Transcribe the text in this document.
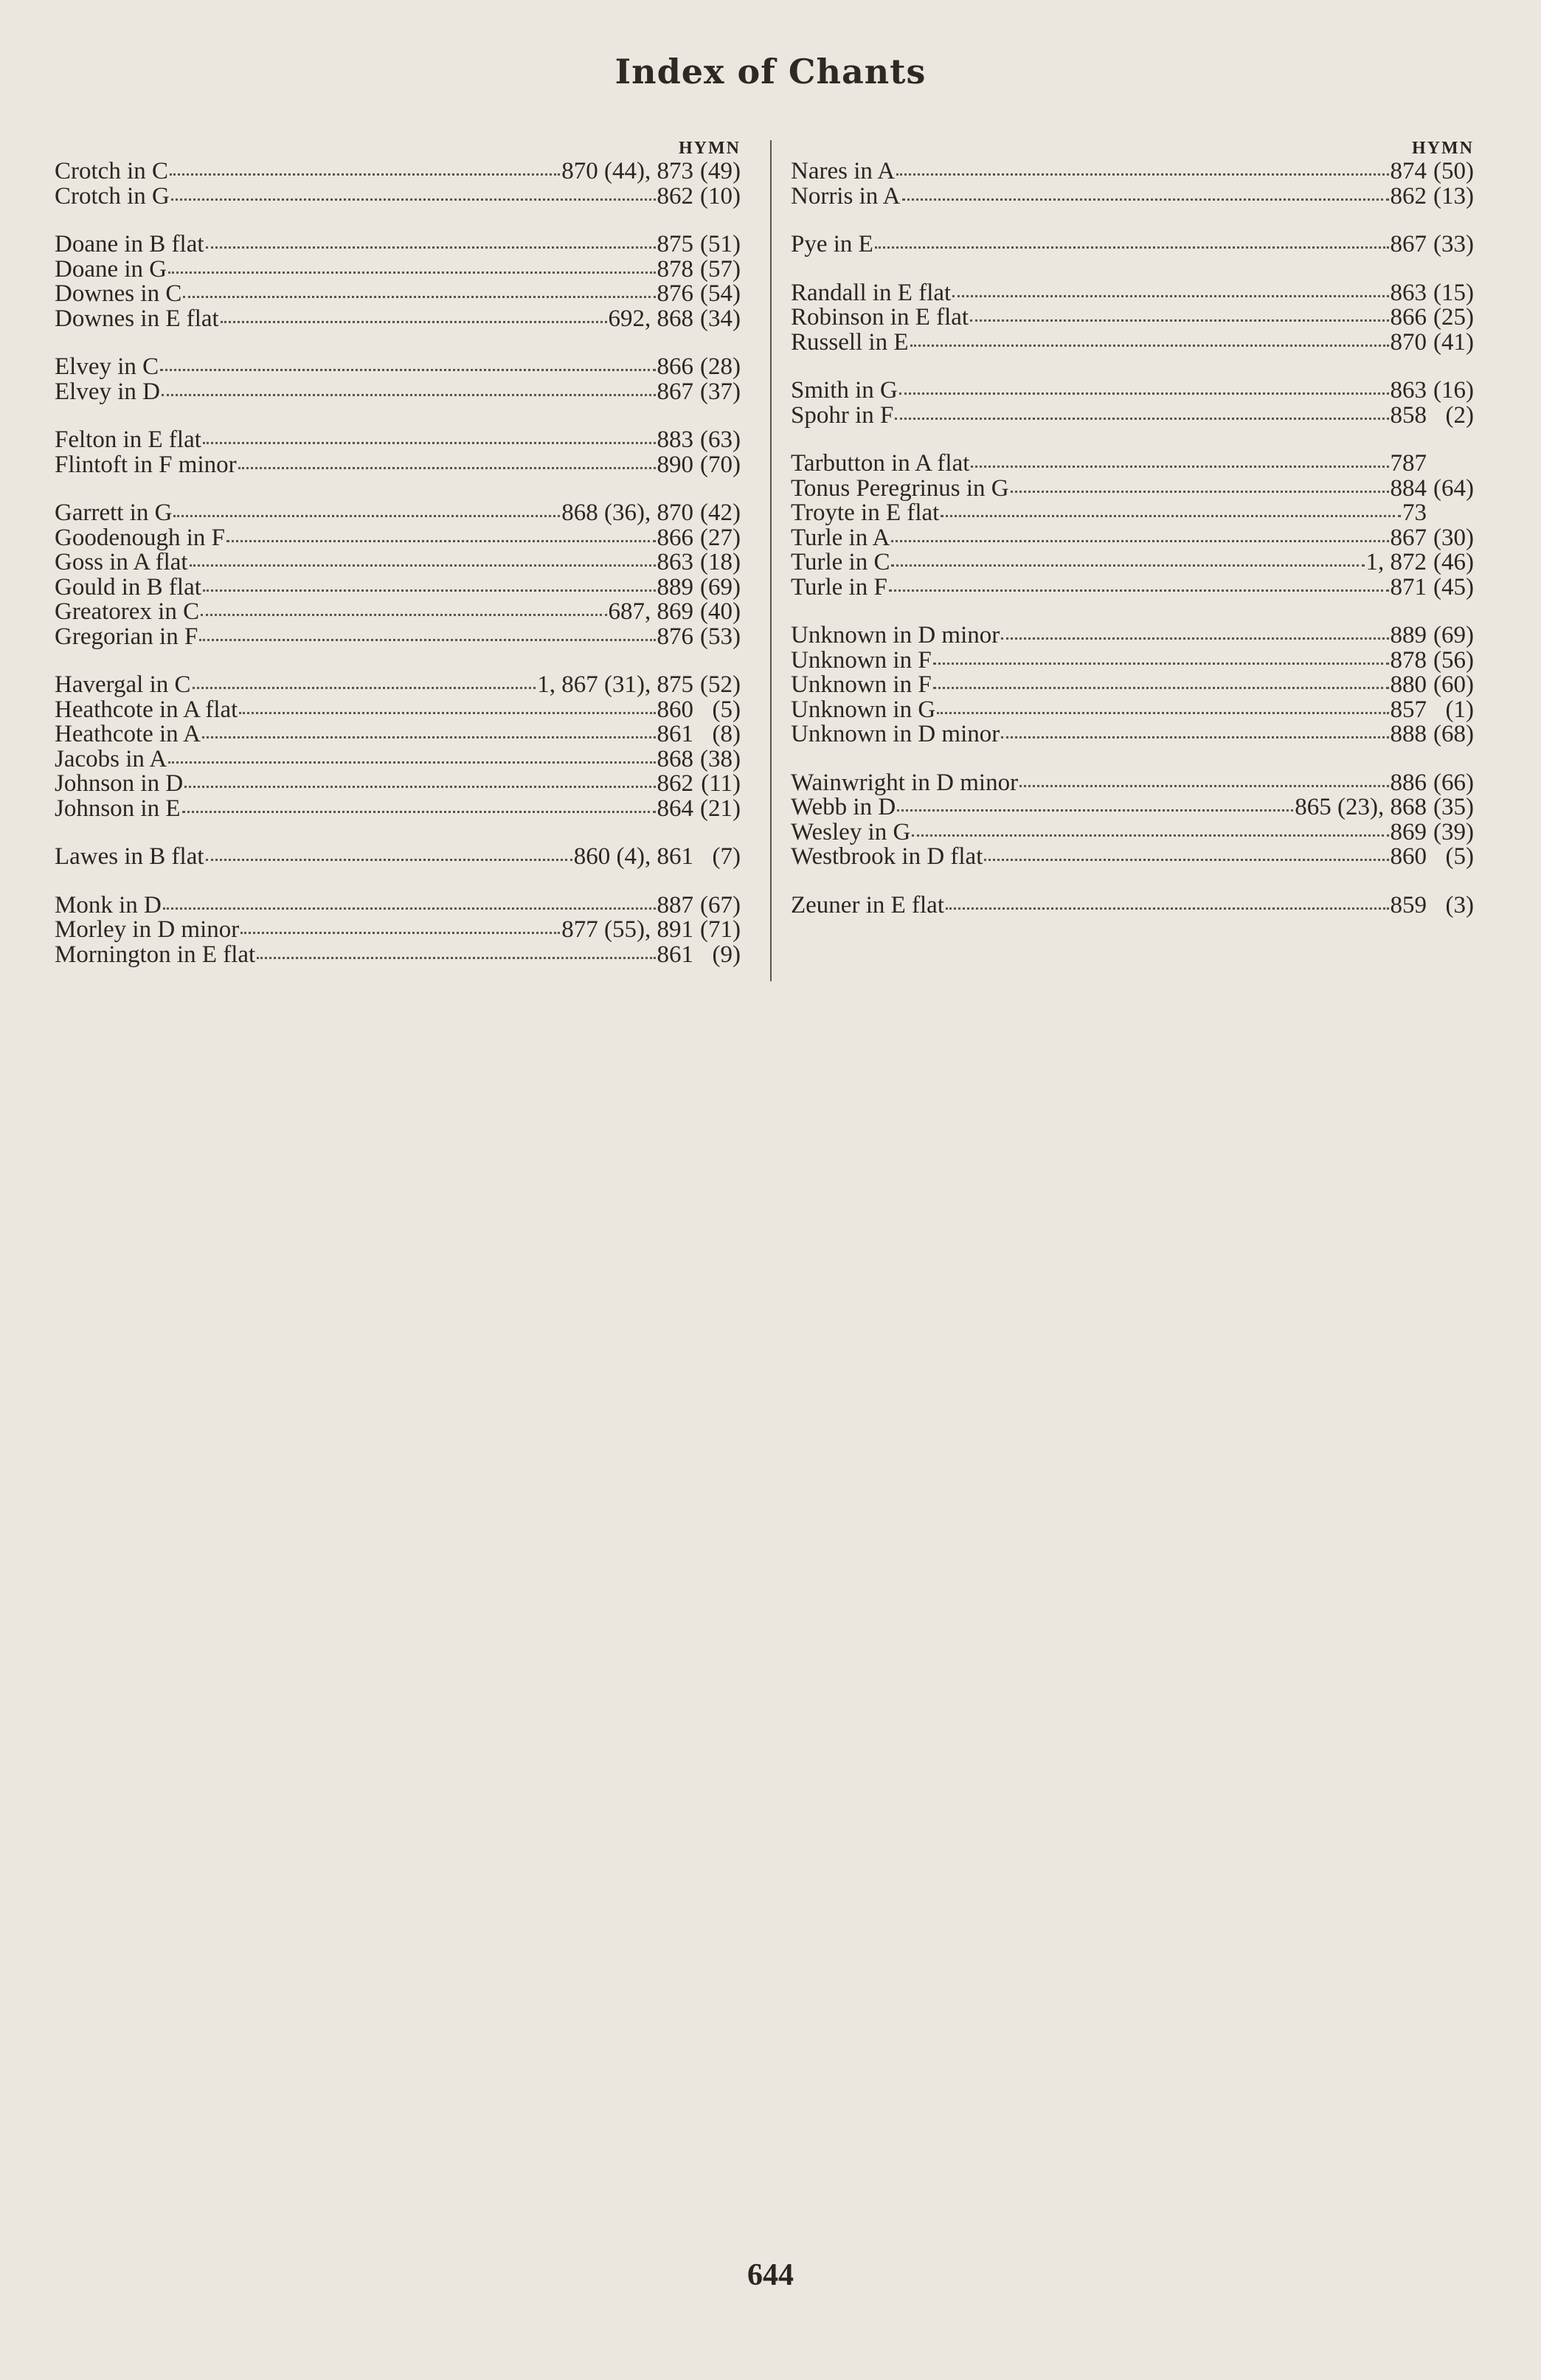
Index of Chants
HYMN
Crotch in C	870 (44), 873 (49)
Crotch in G	862 (10)
Doane in B flat	875 (51)
Doane in G	878 (57)
Downes in C	876 (54)
Downes in E flat	692, 868 (34)
Elvey in C	866 (28)
Elvey in D	867 (37)
Felton in E flat	883 (63)
Flintoft in F minor	890 (70)
Garrett in G	868 (36), 870 (42)
Goodenough in F	866 (27)
Goss in A flat	863 (18)
Gould in B flat	889 (69)
Greatorex in C	687, 869 (40)
Gregorian in F	876 (53)
Havergal in C	1, 867 (31), 875 (52)
Heathcote in A flat	860 (5)
Heathcote in A	861 (8)
Jacobs in A	868 (38)
Johnson in D	862 (11)
Johnson in E	864 (21)
Lawes in B flat	860 (4), 861 (7)
Monk in D	887 (67)
Morley in D minor	877 (55), 891 (71)
Mornington in E flat	861 (9)
HYMN
Nares in A	874 (50)
Norris in A	862 (13)
Pye in E	867 (33)
Randall in E flat	863 (15)
Robinson in E flat	866 (25)
Russell in E	870 (41)
Smith in G	863 (16)
Spohr in F	858 (2)
Tarbutton in A flat	787
Tonus Peregrinus in G	884 (64)
Troyte in E flat	73
Turle in A	867 (30)
Turle in C	1, 872 (46)
Turle in F	871 (45)
Unknown in D minor	889 (69)
Unknown in F	878 (56)
Unknown in F	880 (60)
Unknown in G	857 (1)
Unknown in D minor	888 (68)
Wainwright in D minor	886 (66)
Webb in D	865 (23), 868 (35)
Wesley in G	869 (39)
Westbrook in D flat	860 (5)
Zeuner in E flat	859 (3)
644
